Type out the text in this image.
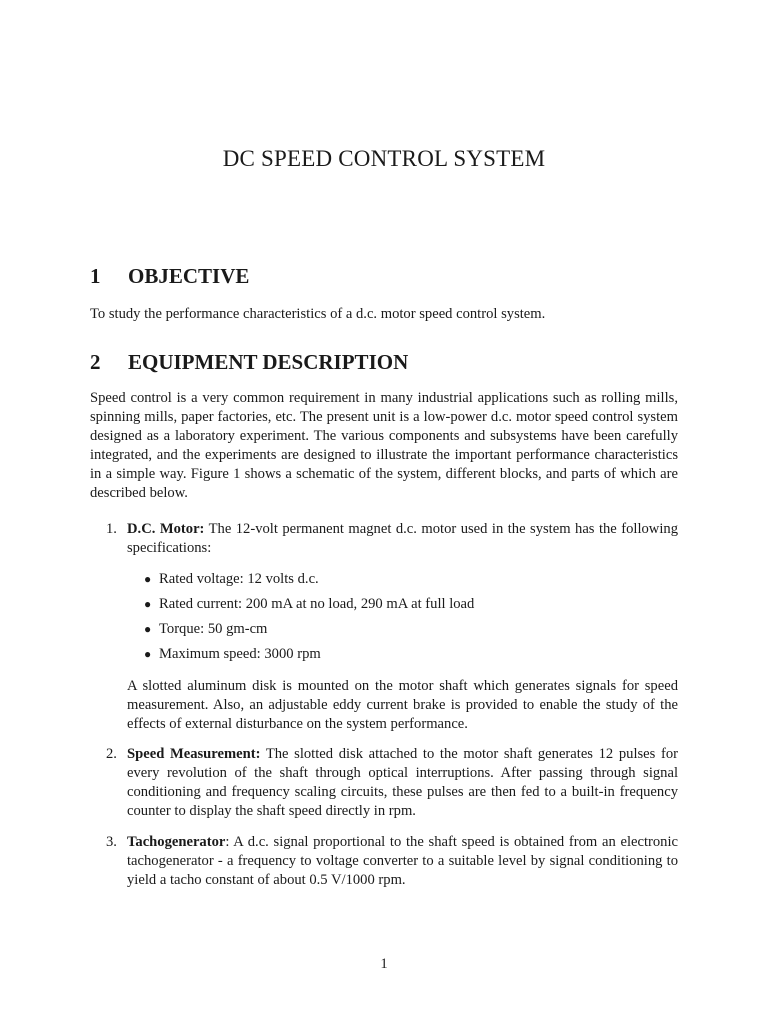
DC SPEED CONTROL SYSTEM
1 OBJECTIVE
To study the performance characteristics of a d.c. motor speed control system.
2 EQUIPMENT DESCRIPTION
Speed control is a very common requirement in many industrial applications such as rolling mills, spinning mills, paper factories, etc. The present unit is a low-power d.c. motor speed control system designed as a laboratory experiment. The various components and subsystems have been carefully integrated, and the experiments are designed to illustrate the important performance characteristics in a simple way. Figure 1 shows a schematic of the system, different blocks, and parts of which are described below.
1. D.C. Motor: The 12-volt permanent magnet d.c. motor used in the system has the following specifications:
● Rated voltage: 12 volts d.c.
● Rated current: 200 mA at no load, 290 mA at full load
● Torque: 50 gm-cm
● Maximum speed: 3000 rpm
A slotted aluminum disk is mounted on the motor shaft which generates signals for speed measurement. Also, an adjustable eddy current brake is provided to enable the study of the effects of external disturbance on the system performance.
2. Speed Measurement: The slotted disk attached to the motor shaft generates 12 pulses for every revolution of the shaft through optical interruptions. After passing through signal conditioning and frequency scaling circuits, these pulses are then fed to a built-in frequency counter to display the shaft speed directly in rpm.
3. Tachogenerator: A d.c. signal proportional to the shaft speed is obtained from an electronic tachogenerator - a frequency to voltage converter to a suitable level by signal conditioning to yield a tacho constant of about 0.5 V/1000 rpm.
1
